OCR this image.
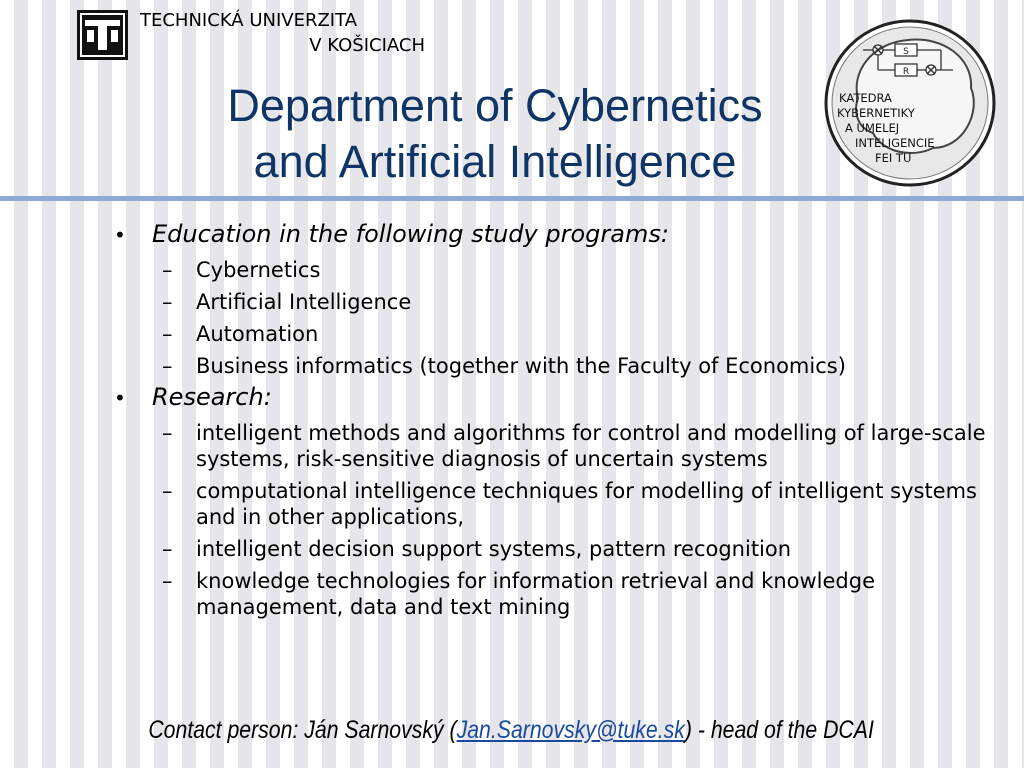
TECHNICKÁ UNIVERZITA
V KOŠICIACH
Department of Cybernetics
and Artificial Intelligence
S
R
KATEDRA
KYBERNETIKY
A UMELEJ
INTELIGENCIE
FEI TU
•	Education in the following study programs:
–	Cybernetics
–	Artificial Intelligence
–	Automation
–	Business informatics (together with the Faculty of Economics)
•	Research:
–	intelligent methods and algorithms for control and modelling of large-scale systems, risk-sensitive diagnosis of uncertain systems
–	computational intelligence techniques for modelling of intelligent systems and in other applications,
–	intelligent decision support systems, pattern recognition
–	knowledge technologies for information retrieval and knowledge management, data and text mining
Contact person: Ján Sarnovský (Jan.Sarnovsky@tuke.sk) - head of the DCAI
